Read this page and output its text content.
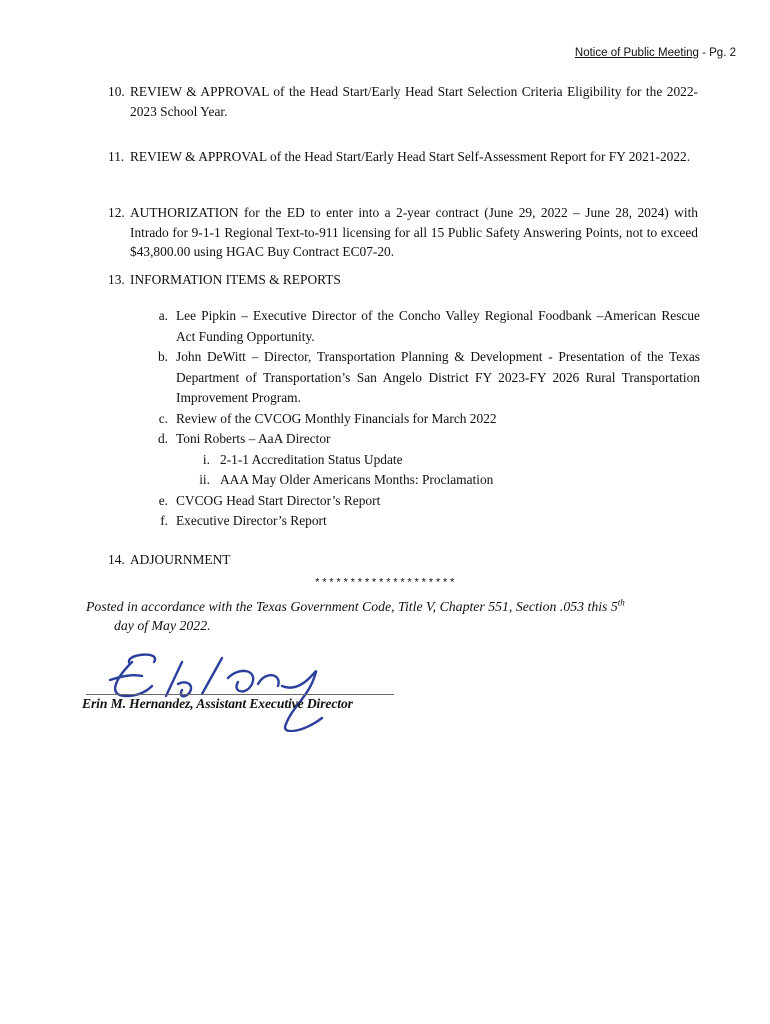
Notice of Public Meeting - Pg. 2
10. REVIEW & APPROVAL of the Head Start/Early Head Start Selection Criteria Eligibility for the 2022-2023 School Year.
11. REVIEW & APPROVAL of the Head Start/Early Head Start Self-Assessment Report for FY 2021-2022.
12. AUTHORIZATION for the ED to enter into a 2-year contract (June 29, 2022 – June 28, 2024) with Intrado for 9-1-1 Regional Text-to-911 licensing for all 15 Public Safety Answering Points, not to exceed $43,800.00 using HGAC Buy Contract EC07-20.
13. INFORMATION ITEMS & REPORTS
a. Lee Pipkin – Executive Director of the Concho Valley Regional Foodbank –American Rescue Act Funding Opportunity.
b. John DeWitt – Director, Transportation Planning & Development - Presentation of the Texas Department of Transportation’s San Angelo District FY 2023-FY 2026 Rural Transportation Improvement Program.
c. Review of the CVCOG Monthly Financials for March 2022
d. Toni Roberts – AaA Director
i. 2-1-1 Accreditation Status Update
ii. AAA May Older Americans Months: Proclamation
e. CVCOG Head Start Director’s Report
f. Executive Director’s Report
14. ADJOURNMENT
********************
Posted in accordance with the Texas Government Code, Title V, Chapter 551, Section .053 this 5th
day of May 2022.
Erin M. Hernandez, Assistant Executive Director
